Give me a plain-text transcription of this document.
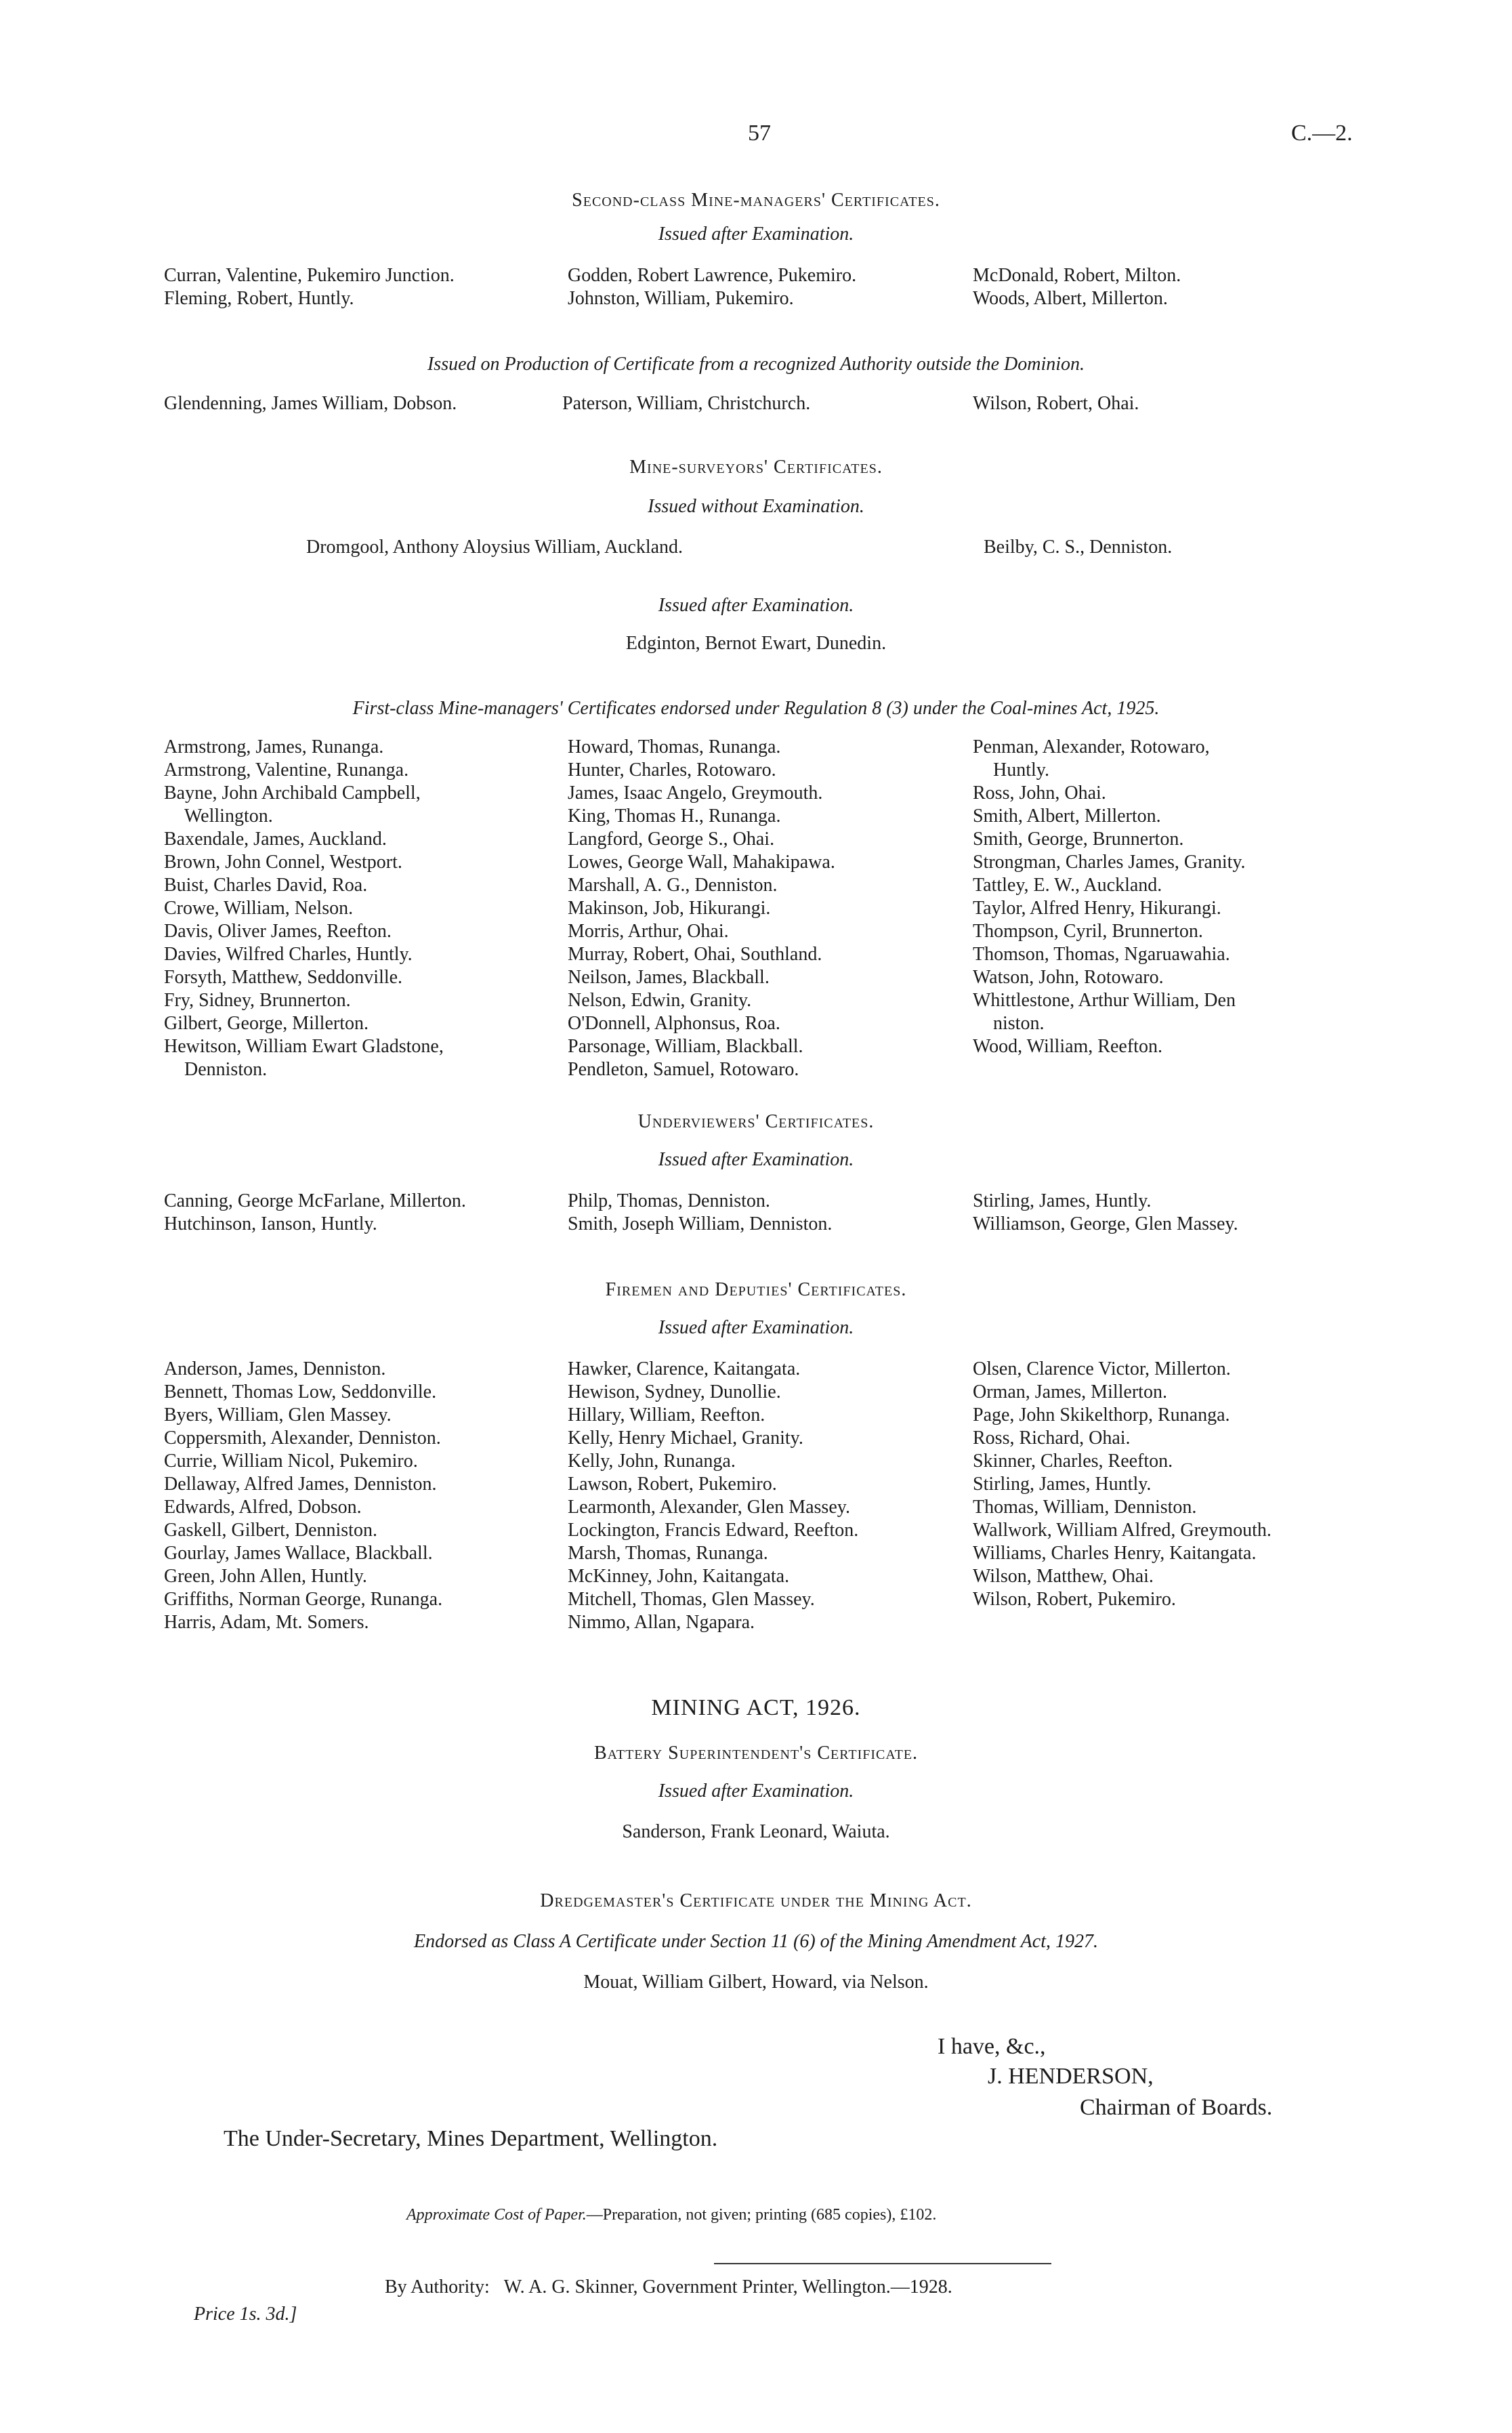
57	C.—2.
Second-class Mine-managers' Certificates.
Issued after Examination.
Curran, Valentine, Pukemiro Junction.
Fleming, Robert, Huntly.
Godden, Robert Lawrence, Pukemiro.
Johnston, William, Pukemiro.
McDonald, Robert, Milton.
Woods, Albert, Millerton.
Issued on Production of Certificate from a recognized Authority outside the Dominion.
Glendenning, James William, Dobson.	Paterson, William, Christchurch.	Wilson, Robert, Ohai.
Mine-surveyors' Certificates.
Issued without Examination.
Dromgool, Anthony Aloysius William, Auckland.	Beilby, C. S., Denniston.
Issued after Examination.
Edginton, Bernot Ewart, Dunedin.
First-class Mine-managers' Certificates endorsed under Regulation 8 (3) under the Coal-mines Act, 1925.
Armstrong, James, Runanga.
Armstrong, Valentine, Runanga.
Bayne, John Archibald Campbell,
Wellington.
Baxendale, James, Auckland.
Brown, John Connel, Westport.
Buist, Charles David, Roa.
Crowe, William, Nelson.
Davis, Oliver James, Reefton.
Davies, Wilfred Charles, Huntly.
Forsyth, Matthew, Seddonville.
Fry, Sidney, Brunnerton.
Gilbert, George, Millerton.
Hewitson, William Ewart Gladstone,
Denniston.
Howard, Thomas, Runanga.
Hunter, Charles, Rotowaro.
James, Isaac Angelo, Greymouth.
King, Thomas H., Runanga.
Langford, George S., Ohai.
Lowes, George Wall, Mahakipawa.
Marshall, A. G., Denniston.
Makinson, Job, Hikurangi.
Morris, Arthur, Ohai.
Murray, Robert, Ohai, Southland.
Neilson, James, Blackball.
Nelson, Edwin, Granity.
O'Donnell, Alphonsus, Roa.
Parsonage, William, Blackball.
Pendleton, Samuel, Rotowaro.
Penman, Alexander, Rotowaro,
Huntly.
Ross, John, Ohai.
Smith, Albert, Millerton.
Smith, George, Brunnerton.
Strongman, Charles James, Granity.
Tattley, E. W., Auckland.
Taylor, Alfred Henry, Hikurangi.
Thompson, Cyril, Brunnerton.
Thomson, Thomas, Ngaruawahia.
Watson, John, Rotowaro.
Whittlestone, Arthur William, Den
niston.
Wood, William, Reefton.
Underviewers' Certificates.
Issued after Examination.
Canning, George McFarlane, Millerton.
Hutchinson, Ianson, Huntly.
Philp, Thomas, Denniston.
Smith, Joseph William, Denniston.
Stirling, James, Huntly.
Williamson, George, Glen Massey.
Firemen and Deputies' Certificates.
Issued after Examination.
Anderson, James, Denniston.
Bennett, Thomas Low, Seddonville.
Byers, William, Glen Massey.
Coppersmith, Alexander, Denniston.
Currie, William Nicol, Pukemiro.
Dellaway, Alfred James, Denniston.
Edwards, Alfred, Dobson.
Gaskell, Gilbert, Denniston.
Gourlay, James Wallace, Blackball.
Green, John Allen, Huntly.
Griffiths, Norman George, Runanga.
Harris, Adam, Mt. Somers.
Hawker, Clarence, Kaitangata.
Hewison, Sydney, Dunollie.
Hillary, William, Reefton.
Kelly, Henry Michael, Granity.
Kelly, John, Runanga.
Lawson, Robert, Pukemiro.
Learmonth, Alexander, Glen Massey.
Lockington, Francis Edward, Reefton.
Marsh, Thomas, Runanga.
McKinney, John, Kaitangata.
Mitchell, Thomas, Glen Massey.
Nimmo, Allan, Ngapara.
Olsen, Clarence Victor, Millerton.
Orman, James, Millerton.
Page, John Skikelthorp, Runanga.
Ross, Richard, Ohai.
Skinner, Charles, Reefton.
Stirling, James, Huntly.
Thomas, William, Denniston.
Wallwork, William Alfred, Greymouth.
Williams, Charles Henry, Kaitangata.
Wilson, Matthew, Ohai.
Wilson, Robert, Pukemiro.
MINING ACT, 1926.
Battery Superintendent's Certificate.
Issued after Examination.
Sanderson, Frank Leonard, Waiuta.
Dredgemaster's Certificate under the Mining Act.
Endorsed as Class A Certificate under Section 11 (6) of the Mining Amendment Act, 1927.
Mouat, William Gilbert, Howard, via Nelson.
I have, &c.,
J. HENDERSON,
Chairman of Boards.
The Under-Secretary, Mines Department, Wellington.
Approximate Cost of Paper.—Preparation, not given; printing (685 copies), £102.
By Authority: W. A. G. Skinner, Government Printer, Wellington.—1928.
Price 1s. 3d.]
